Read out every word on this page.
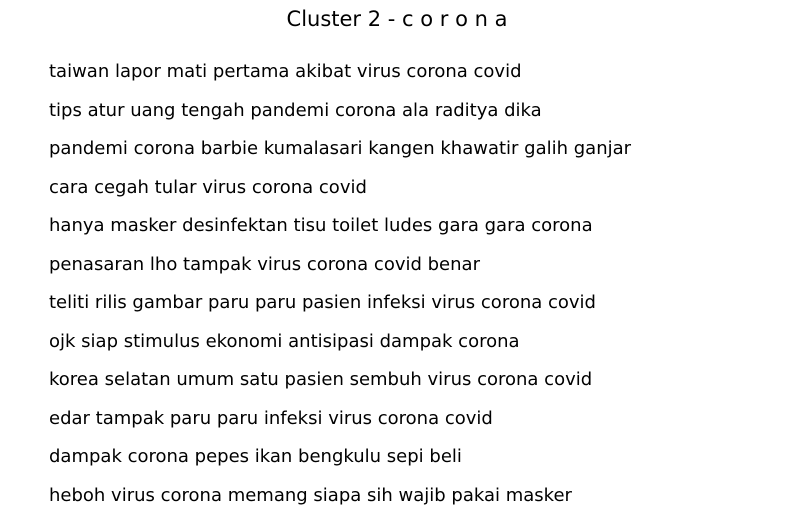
Cluster 2 - c o r o n a
taiwan lapor mati pertama akibat virus corona covid
tips atur uang tengah pandemi corona ala raditya dika
pandemi corona barbie kumalasari kangen khawatir galih ganjar
cara cegah tular virus corona covid
hanya masker desinfektan tisu toilet ludes gara gara corona
penasaran lho tampak virus corona covid benar
teliti rilis gambar paru paru pasien infeksi virus corona covid
ojk siap stimulus ekonomi antisipasi dampak corona
korea selatan umum satu pasien sembuh virus corona covid
edar tampak paru paru infeksi virus corona covid
dampak corona pepes ikan bengkulu sepi beli
heboh virus corona memang siapa sih wajib pakai masker
